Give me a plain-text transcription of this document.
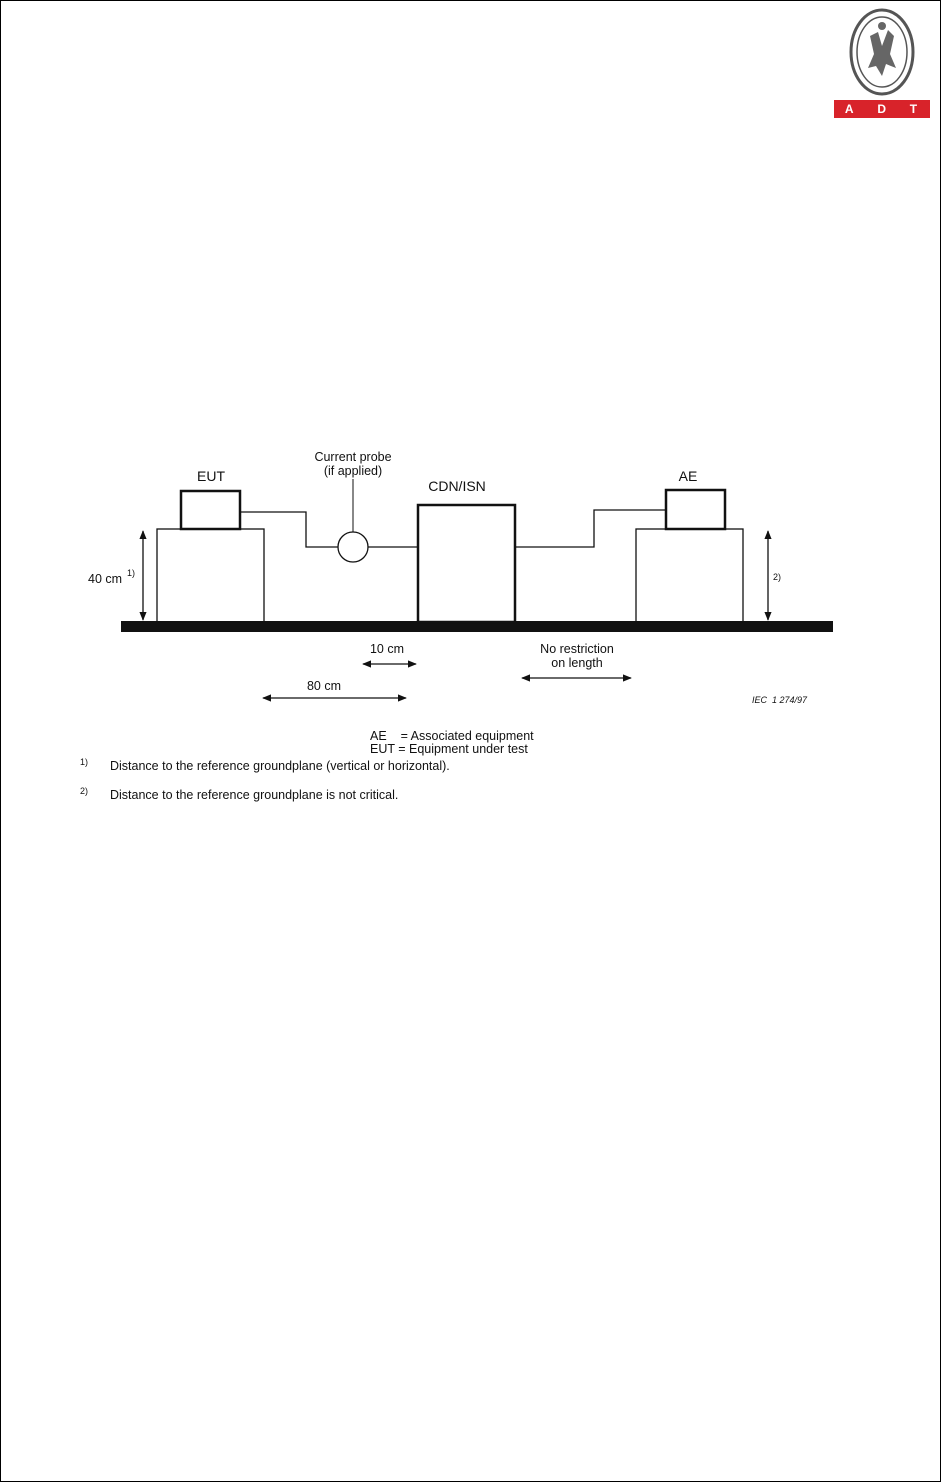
A D T
EUT
Current probe
(if applied)
CDN/ISN
AE
40 cm 1)	2)
10 cm
80 cm
No restriction
on length
IEC  1 274/97
AE    = Associated equipment
EUT = Equipment under test
1)	Distance to the reference groundplane (vertical or horizontal).
2)	Distance to the reference groundplane is not critical.
